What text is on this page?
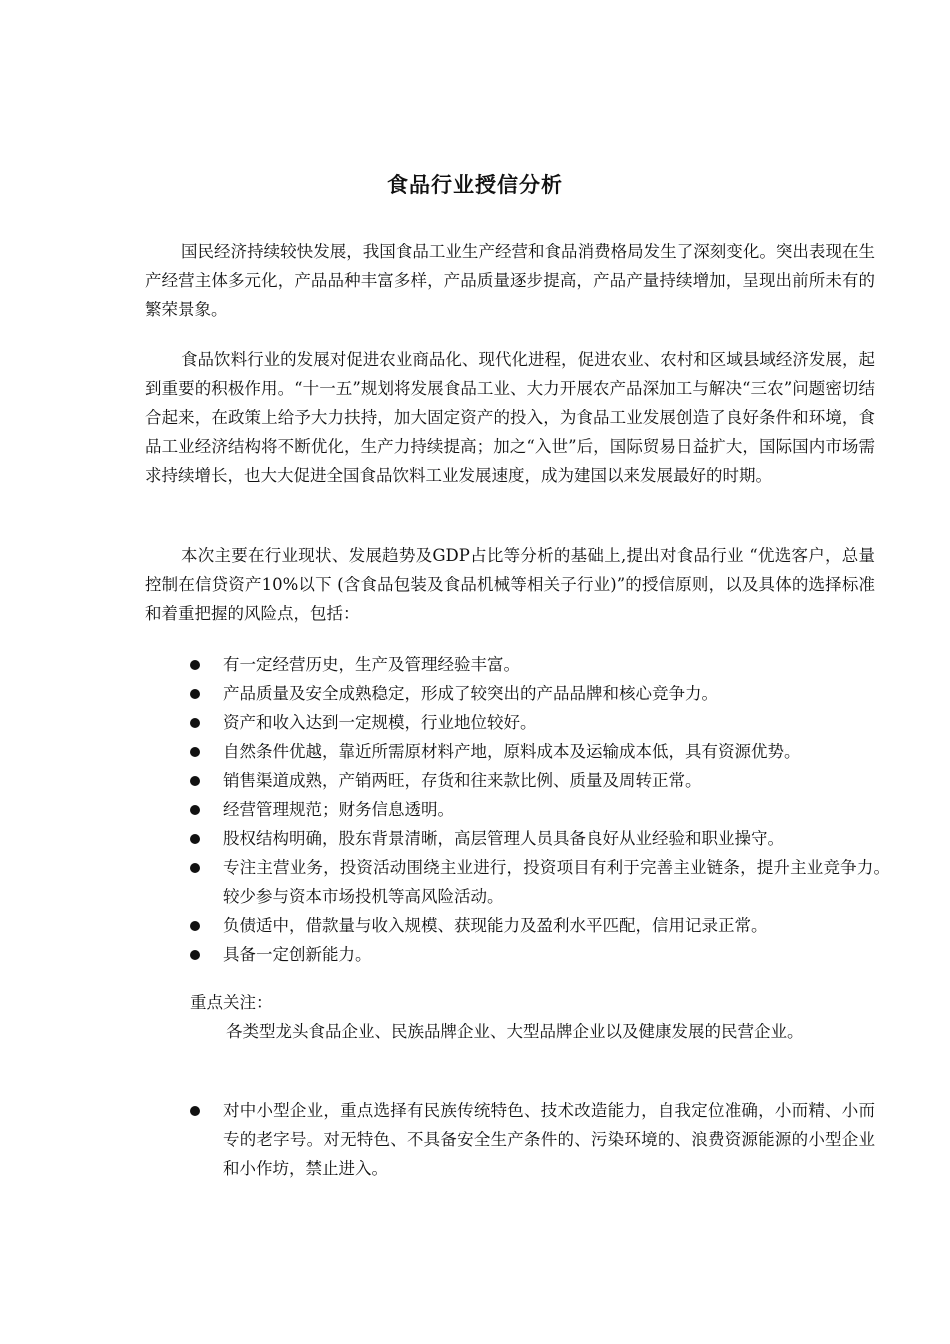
食品行业授信分析

国民经济持续较快发展，我国食品工业生产经营和食品消费格局发生了深刻变化。突出表现在生产经营主体多元化，产品品种丰富多样，产品质量逐步提高，产品产量持续增加，呈现出前所未有的繁荣景象。

食品饮料行业的发展对促进农业商品化、现代化进程，促进农业、农村和区域县域经济发展，起到重要的积极作用。“十一五”规划将发展食品工业、大力开展农产品深加工与解决“三农”问题密切结合起来，在政策上给予大力扶持，加大固定资产的投入，为食品工业发展创造了良好条件和环境，食品工业经济结构将不断优化，生产力持续提高；加之“入世”后，国际贸易日益扩大，国际国内市场需求持续增长，也大大促进全国食品饮料工业发展速度，成为建国以来发展最好的时期。

本次主要在行业现状、发展趋势及GDP占比等分析的基础上,提出对食品行业 “优选客户，总量控制在信贷资产10%以下 (含食品包装及食品机械等相关子行业)”的授信原则，以及具体的选择标准和着重把握的风险点，包括：

有一定经营历史，生产及管理经验丰富。
产品质量及安全成熟稳定，形成了较突出的产品品牌和核心竞争力。
资产和收入达到一定规模，行业地位较好。
自然条件优越，靠近所需原材料产地，原料成本及运输成本低，具有资源优势。
销售渠道成熟，产销两旺，存货和往来款比例、质量及周转正常。
经营管理规范；财务信息透明。
股权结构明确，股东背景清晰，高层管理人员具备良好从业经验和职业操守。
专注主营业务，投资活动围绕主业进行，投资项目有利于完善主业链条，提升主业竞争力。较少参与资本市场投机等高风险活动。
负债适中，借款量与收入规模、获现能力及盈利水平匹配，信用记录正常。
具备一定创新能力。

重点关注：

各类型龙头食品企业、民族品牌企业、大型品牌企业以及健康发展的民营企业。

对中小型企业，重点选择有民族传统特色、技术改造能力，自我定位准确，小而精、小而专的老字号。对无特色、不具备安全生产条件的、污染环境的、浪费资源能源的小型企业和小作坊，禁止进入。
